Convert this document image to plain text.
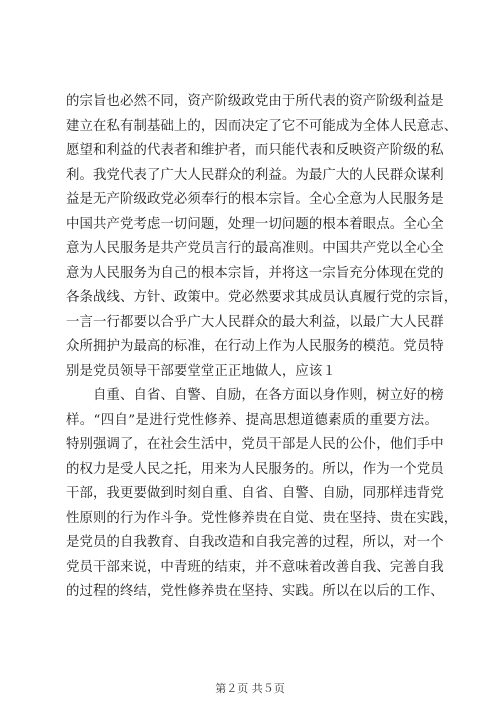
的宗旨也必然不同，资产阶级政党由于所代表的资产阶级利益是
建立在私有制基础上的，因而决定了它不可能成为全体人民意志、
愿望和利益的代表者和维护者，而只能代表和反映资产阶级的私
利。我党代表了广大人民群众的利益。为最广大的人民群众谋利
益是无产阶级政党必须奉行的根本宗旨。全心全意为人民服务是
中国共产党考虑一切问题，处理一切问题的根本着眼点。全心全
意为人民服务是共产党员言行的最高准则。中国共产党以全心全
意为人民服务为自己的根本宗旨，并将这一宗旨充分体现在党的
各条战线、方针、政策中。党必然要求其成员认真履行党的宗旨，
一言一行都要以合乎广大人民群众的最大利益，以最广大人民群
众所拥护为最高的标准，在行动上作为人民服务的模范。党员特
别是党员领导干部要堂堂正正地做人，应该１
自重、自省、自警、自励，在各方面以身作则，树立好的榜
样。“四自”是进行党性修养、提高思想道德素质的重要方法。
特别强调了，在社会生活中，党员干部是人民的公仆，他们手中
的权力是受人民之托，用来为人民服务的。所以，作为一个党员
干部，我更要做到时刻自重、自省、自警、自励，同那样违背党
性原则的行为作斗争。党性修养贵在自觉、贵在坚持、贵在实践，
是党员的自我教育、自我改造和自我完善的过程，所以，对一个
党员干部来说，中青班的结束，并不意味着改善自我、完善自我
的过程的终结，党性修养贵在坚持、实践。所以在以后的工作、
第２页 共５页
